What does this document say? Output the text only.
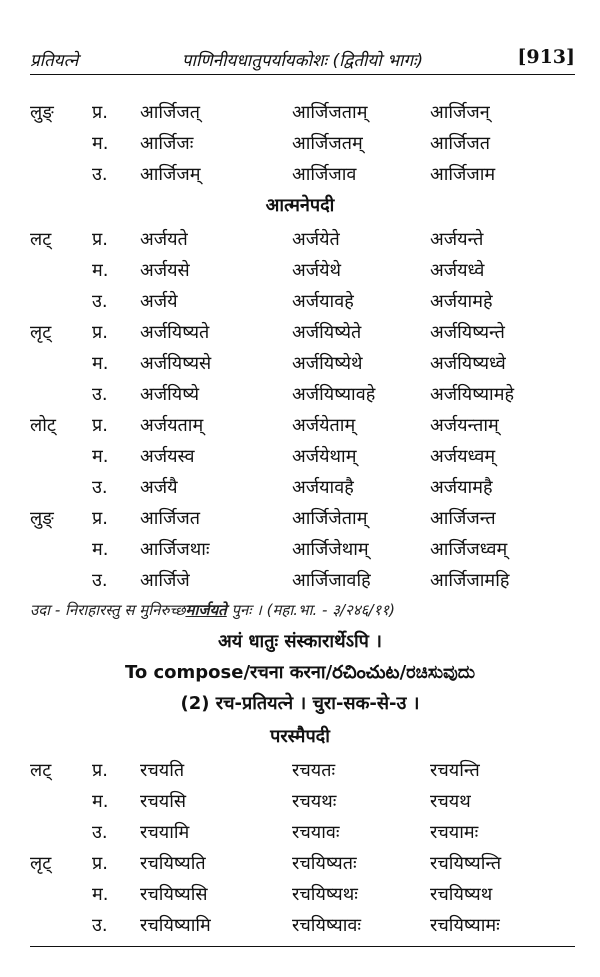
प्रतियत्ने	पाणिनीयधातुपर्यायकोशः (द्वितीयो भागः)	[913]
लुङ् प्र. आर्जिजत्	आर्जिजताम्	आर्जिजन्
म. आर्जिजः	आर्जिजतम्	आर्जिजत
उ. आर्जिजम्	आर्जिजाव	आर्जिजाम
आत्मनेपदी
लट् प्र. अर्जयते	अर्जयेते	अर्जयन्ते
म. अर्जयसे	अर्जयेथे	अर्जयध्वे
उ. अर्जये	अर्जयावहे	अर्जयामहे
लृट् प्र. अर्जयिष्यते	अर्जयिष्येते	अर्जयिष्यन्ते
म. अर्जयिष्यसे	अर्जयिष्येथे	अर्जयिष्यध्वे
उ. अर्जयिष्ये	अर्जयिष्यावहे	अर्जयिष्यामहे
लोट् प्र. अर्जयताम्	अर्जयेताम्	अर्जयन्ताम्
म. अर्जयस्व	अर्जयेथाम्	अर्जयध्वम्
उ. अर्जयै	अर्जयावहै	अर्जयामहै
लुङ् प्र. आर्जिजत	आर्जिजेताम्	आर्जिजन्त
म. आर्जिजथाः	आर्जिजेथाम्	आर्जिजध्वम्
उ. आर्जिजे	आर्जिजावहि	आर्जिजामहि
उदा - निराहारस्तु स मुनिरुच्छमार्जयते पुनः । (महा.भा. - ३/२४६/११)
अयं धातुः संस्कारार्थेऽपि ।
To compose/रचना करना/రచించుట/ರಚಿಸುವುದು
(2) रच-प्रतियत्ने । चुरा-सक-से-उ ।
परस्मैपदी
लट् प्र. रचयति	रचयतः	रचयन्ति
म. रचयसि	रचयथः	रचयथ
उ. रचयामि	रचयावः	रचयामः
लृट् प्र. रचयिष्यति	रचयिष्यतः	रचयिष्यन्ति
म. रचयिष्यसि	रचयिष्यथः	रचयिष्यथ
उ. रचयिष्यामि	रचयिष्यावः	रचयिष्यामः
